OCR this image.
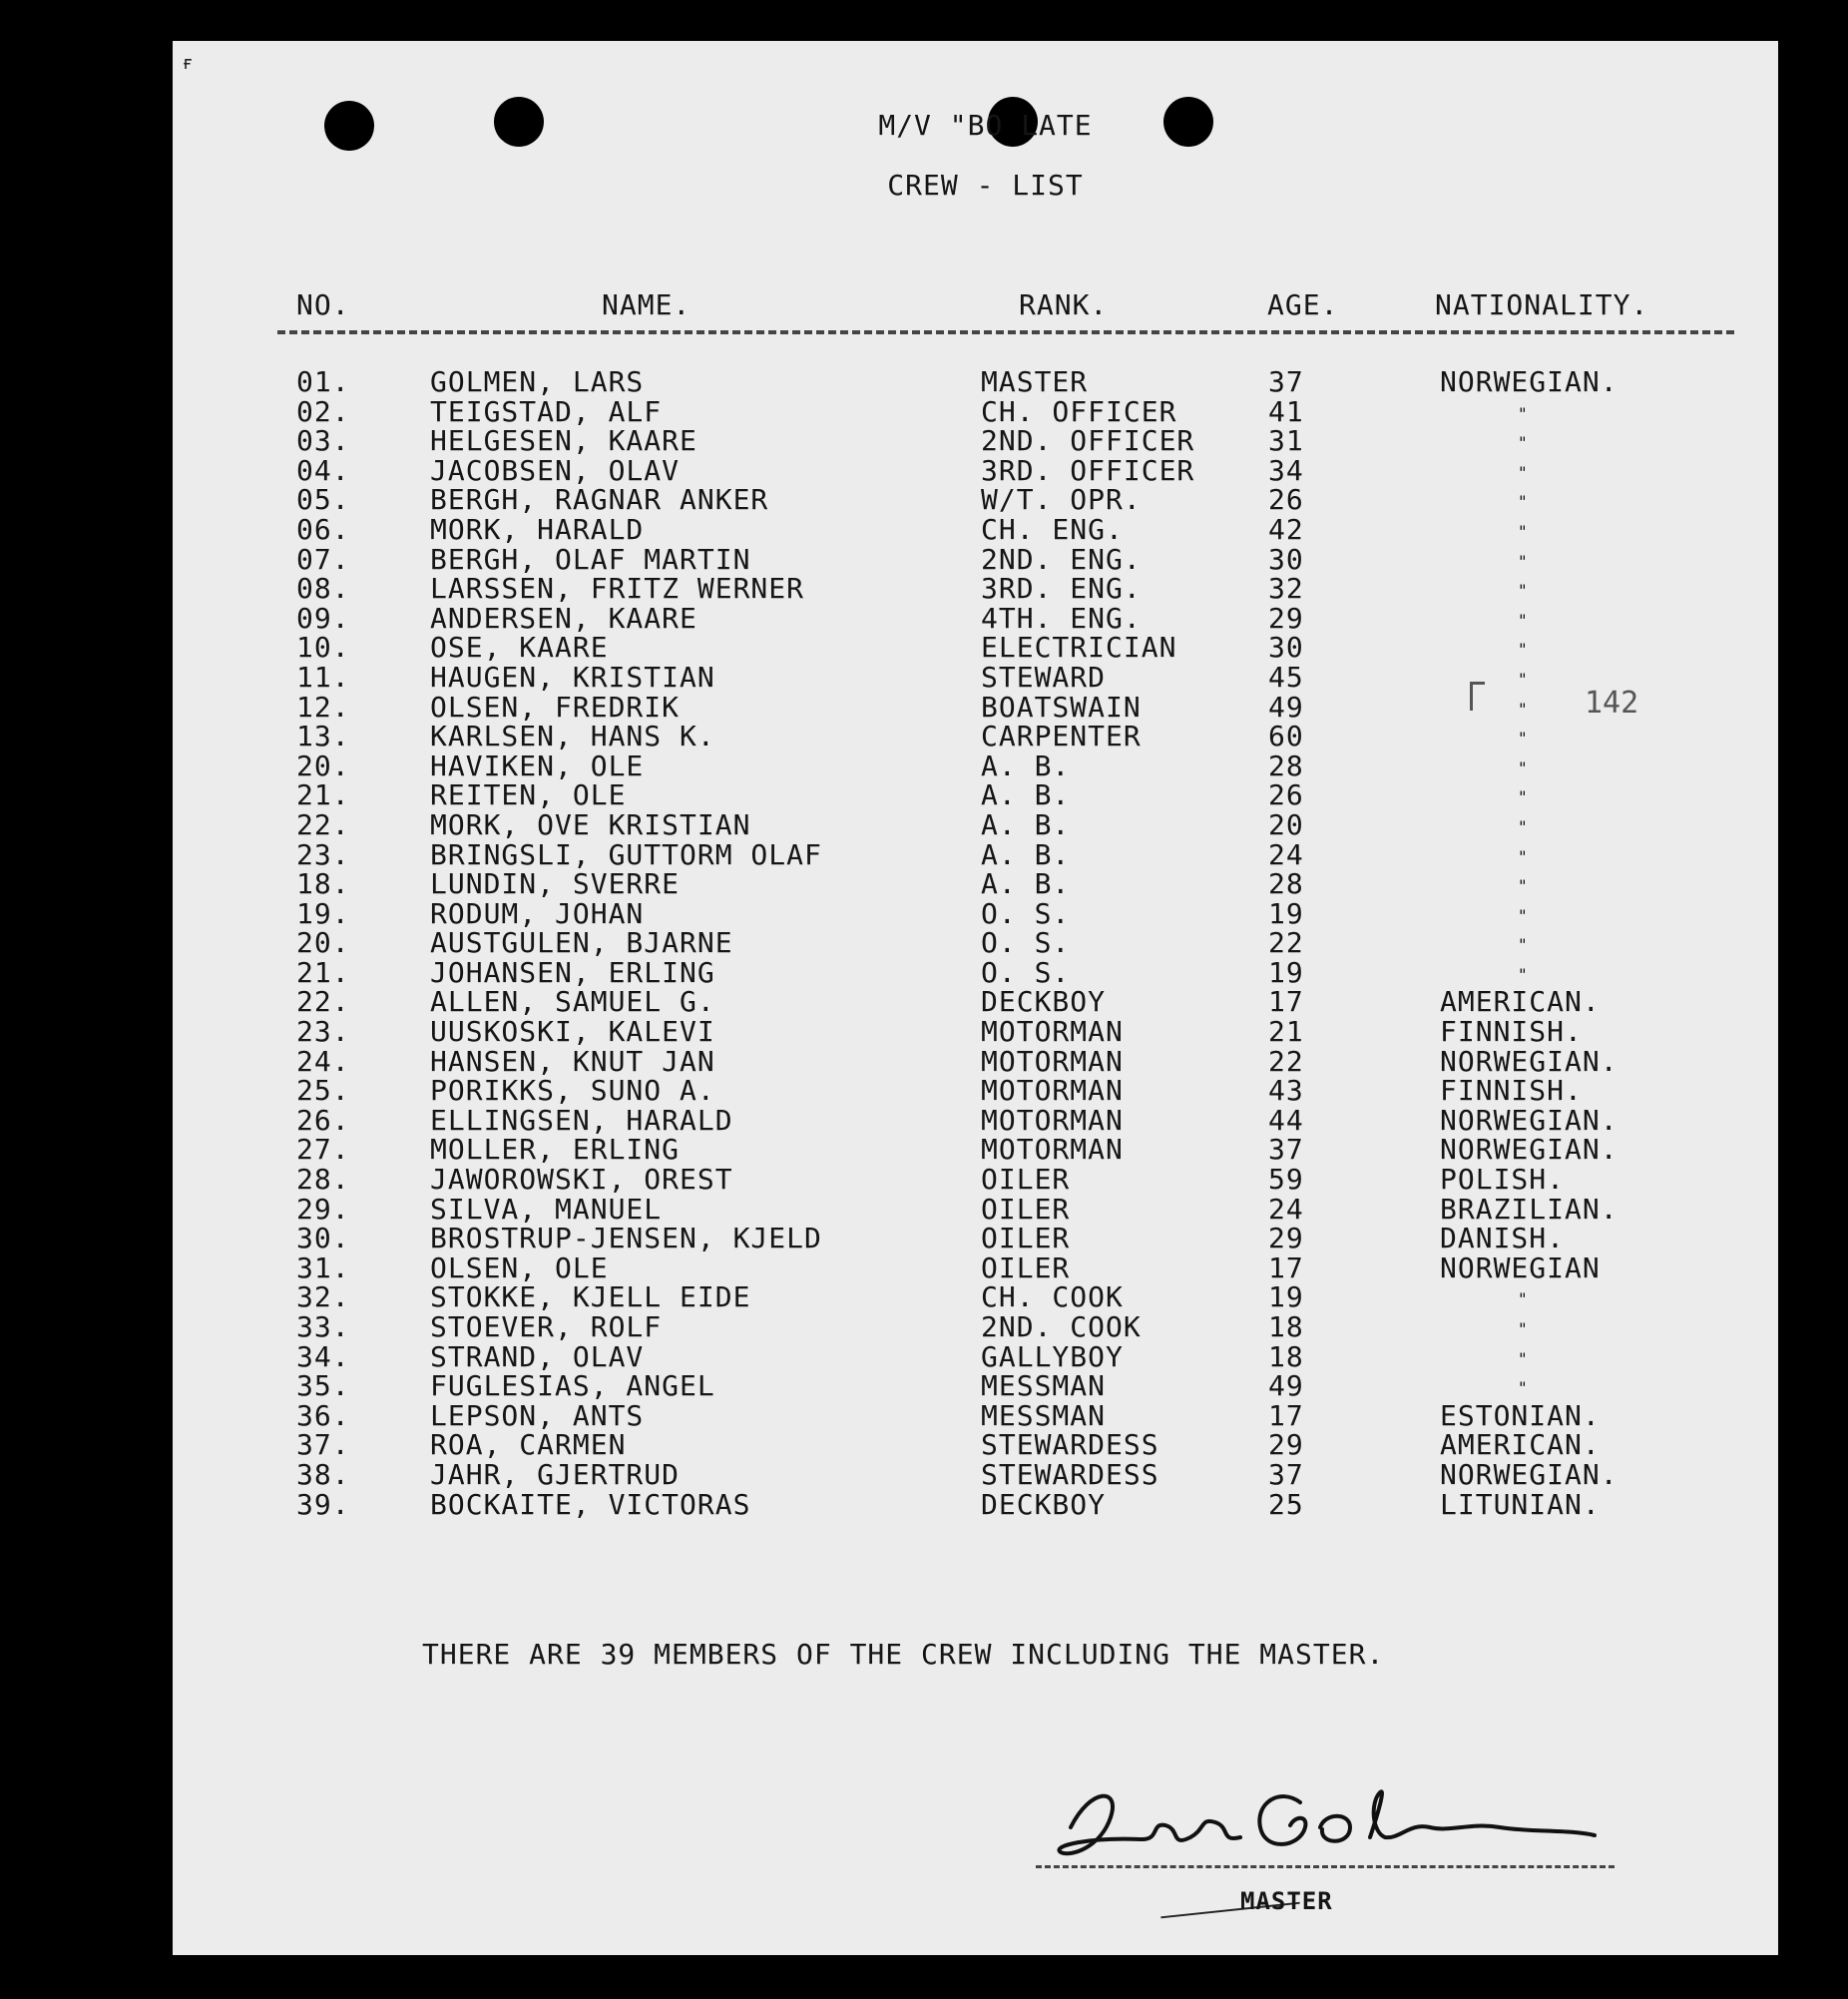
ғ
M/V "BO LATE
CREW - LIST
NO.	NAME.	RANK.	AGE.	NATIONALITY.
01.	GOLMEN, LARS	MASTER	37	NORWEGIAN.
02.	TEIGSTAD, ALF	CH. OFFICER	41	"
03.	HELGESEN, KAARE	2ND. OFFICER	31	"
04.	JACOBSEN, OLAV	3RD. OFFICER	34	"
05.	BERGH, RAGNAR ANKER	W/T. OPR.	26	"
06.	MORK, HARALD	CH. ENG.	42	"
07.	BERGH, OLAF MARTIN	2ND. ENG.	30	"
08.	LARSSEN, FRITZ WERNER	3RD. ENG.	32	"
09.	ANDERSEN, KAARE	4TH. ENG.	29	"
10.	OSE, KAARE	ELECTRICIAN	30	"
11.	HAUGEN, KRISTIAN	STEWARD	45	"
12.	OLSEN, FREDRIK	BOATSWAIN	49	"
13.	KARLSEN, HANS K.	CARPENTER	60	"
20.	HAVIKEN, OLE	A. B.	28	"
21.	REITEN, OLE	A. B.	26	"
22.	MORK, OVE KRISTIAN	A. B.	20	"
23.	BRINGSLI, GUTTORM OLAF	A. B.	24	"
18.	LUNDIN, SVERRE	A. B.	28	"
19.	RODUM, JOHAN	O. S.	19	"
20.	AUSTGULEN, BJARNE	O. S.	22	"
21.	JOHANSEN, ERLING	O. S.	19	"
22.	ALLEN, SAMUEL G.	DECKBOY	17	AMERICAN.
23.	UUSKOSKI, KALEVI	MOTORMAN	21	FINNISH.
24.	HANSEN, KNUT JAN	MOTORMAN	22	NORWEGIAN.
25.	PORIKKS, SUNO A.	MOTORMAN	43	FINNISH.
26.	ELLINGSEN, HARALD	MOTORMAN	44	NORWEGIAN.
27.	MOLLER, ERLING	MOTORMAN	37	NORWEGIAN.
28.	JAWOROWSKI, OREST	OILER	59	POLISH.
29.	SILVA, MANUEL	OILER	24	BRAZILIAN.
30.	BROSTRUP-JENSEN, KJELD	OILER	29	DANISH.
31.	OLSEN, OLE	OILER	17	NORWEGIAN
32.	STOKKE, KJELL EIDE	CH. COOK	19	"
33.	STOEVER, ROLF	2ND. COOK	18	"
34.	STRAND, OLAV	GALLYBOY	18	"
35.	FUGLESIAS, ANGEL	MESSMAN	49	"
36.	LEPSON, ANTS	MESSMAN	17	ESTONIAN.
37.	ROA, CARMEN	STEWARDESS	29	AMERICAN.
38.	JAHR, GJERTRUD	STEWARDESS	37	NORWEGIAN.
39.	BOCKAITE, VICTORAS	DECKBOY	25	LITUNIAN.
142
THERE ARE 39 MEMBERS OF THE CREW INCLUDING THE MASTER.
MASTER
